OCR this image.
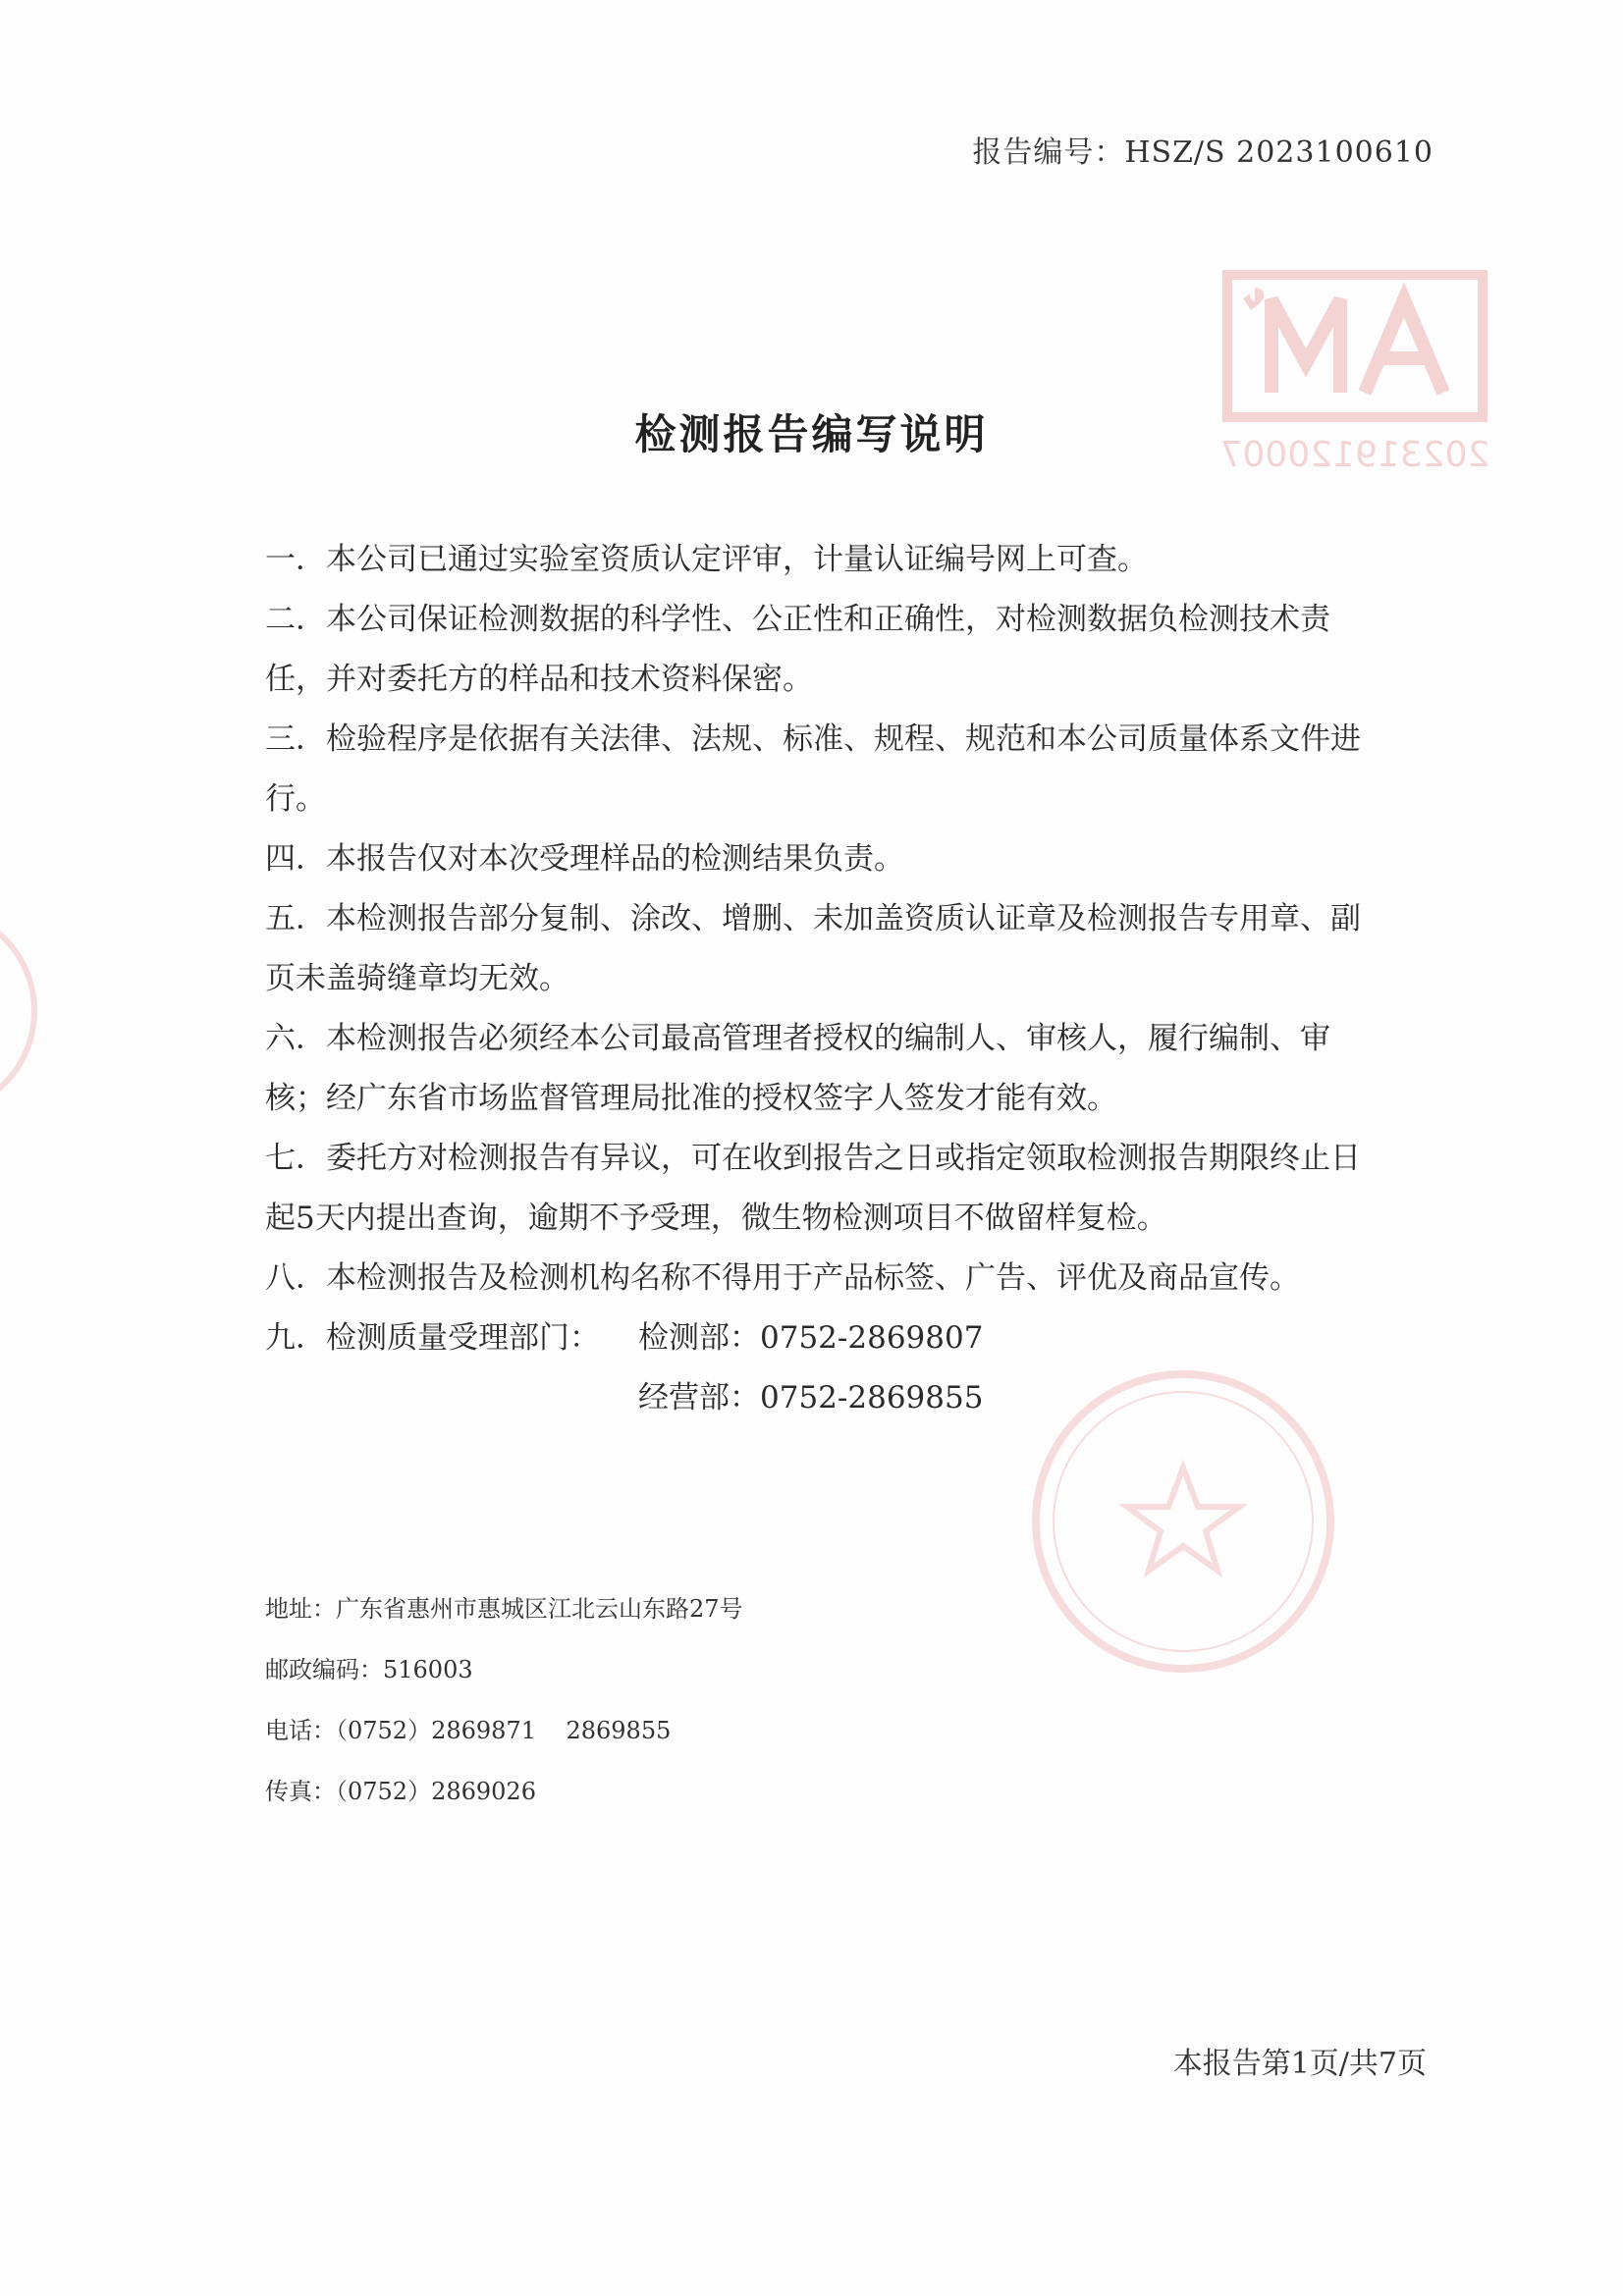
202319120007
报告编号：HSZ/S 2023100610
检测报告编写说明

一．本公司已通过实验室资质认定评审，计量认证编号网上可查。

二．本公司保证检测数据的科学性、公正性和正确性，对检测数据负检测技术责任，并对委托方的样品和技术资料保密。

三．检验程序是依据有关法律、法规、标准、规程、规范和本公司质量体系文件进行。

四．本报告仅对本次受理样品的检测结果负责。

五．本检测报告部分复制、涂改、增删、未加盖资质认证章及检测报告专用章、副页未盖骑缝章均无效。

六．本检测报告必须经本公司最高管理者授权的编制人、审核人，履行编制、审核；经广东省市场监督管理局批准的授权签字人签发才能有效。

七．委托方对检测报告有异议，可在收到报告之日或指定领取检测报告期限终止日起5天内提出查询，逾期不予受理，微生物检测项目不做留样复检。

八．本检测报告及检测机构名称不得用于产品标签、广告、评优及商品宣传。

九．检测质量受理部门：	检测部：0752-2869807
经营部：0752-2869855
地址：广东省惠州市惠城区江北云山东路27号
邮政编码：516003
电话：（0752）2869871    2869855
传真：（0752）2869026
本报告第1页/共7页
